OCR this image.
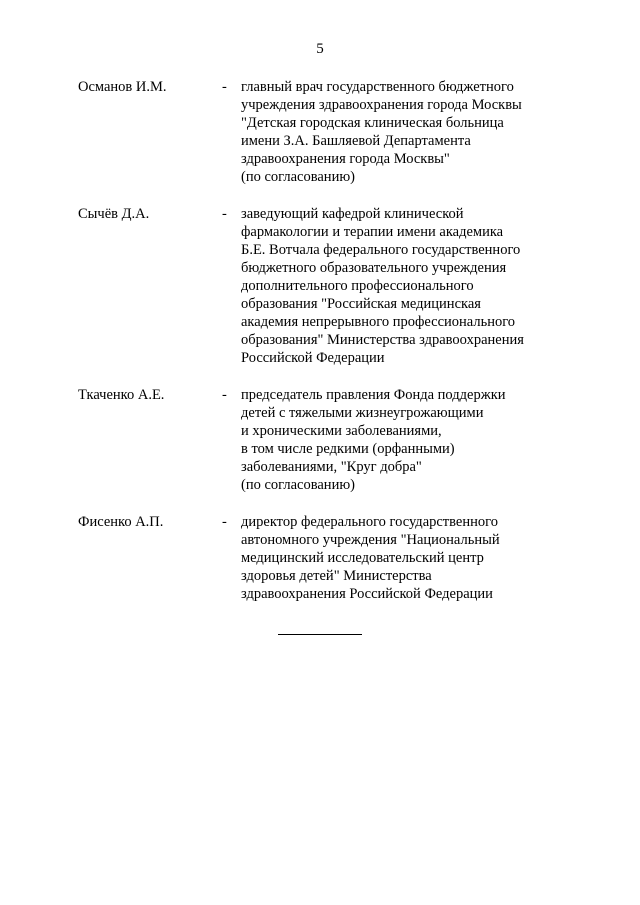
5
Османов И.М.	- главный врач государственного бюджетного
учреждения здравоохранения города Москвы
"Детская городская клиническая больница
имени З.А. Башляевой Департамента
здравоохранения города Москвы"
(по согласованию)
Сычёв Д.А.	- заведующий кафедрой клинической
фармакологии и терапии имени академика
Б.Е. Вотчала федерального государственного
бюджетного образовательного учреждения
дополнительного профессионального
образования "Российская медицинская
академия непрерывного профессионального
образования" Министерства здравоохранения
Российской Федерации
Ткаченко А.Е.	- председатель правления Фонда поддержки
детей с тяжелыми жизнеугрожающими
и хроническими заболеваниями,
в том числе редкими (орфанными)
заболеваниями, "Круг добра"
(по согласованию)
Фисенко А.П.	- директор федерального государственного
автономного учреждения "Национальный
медицинский исследовательский центр
здоровья детей" Министерства
здравоохранения Российской Федерации
